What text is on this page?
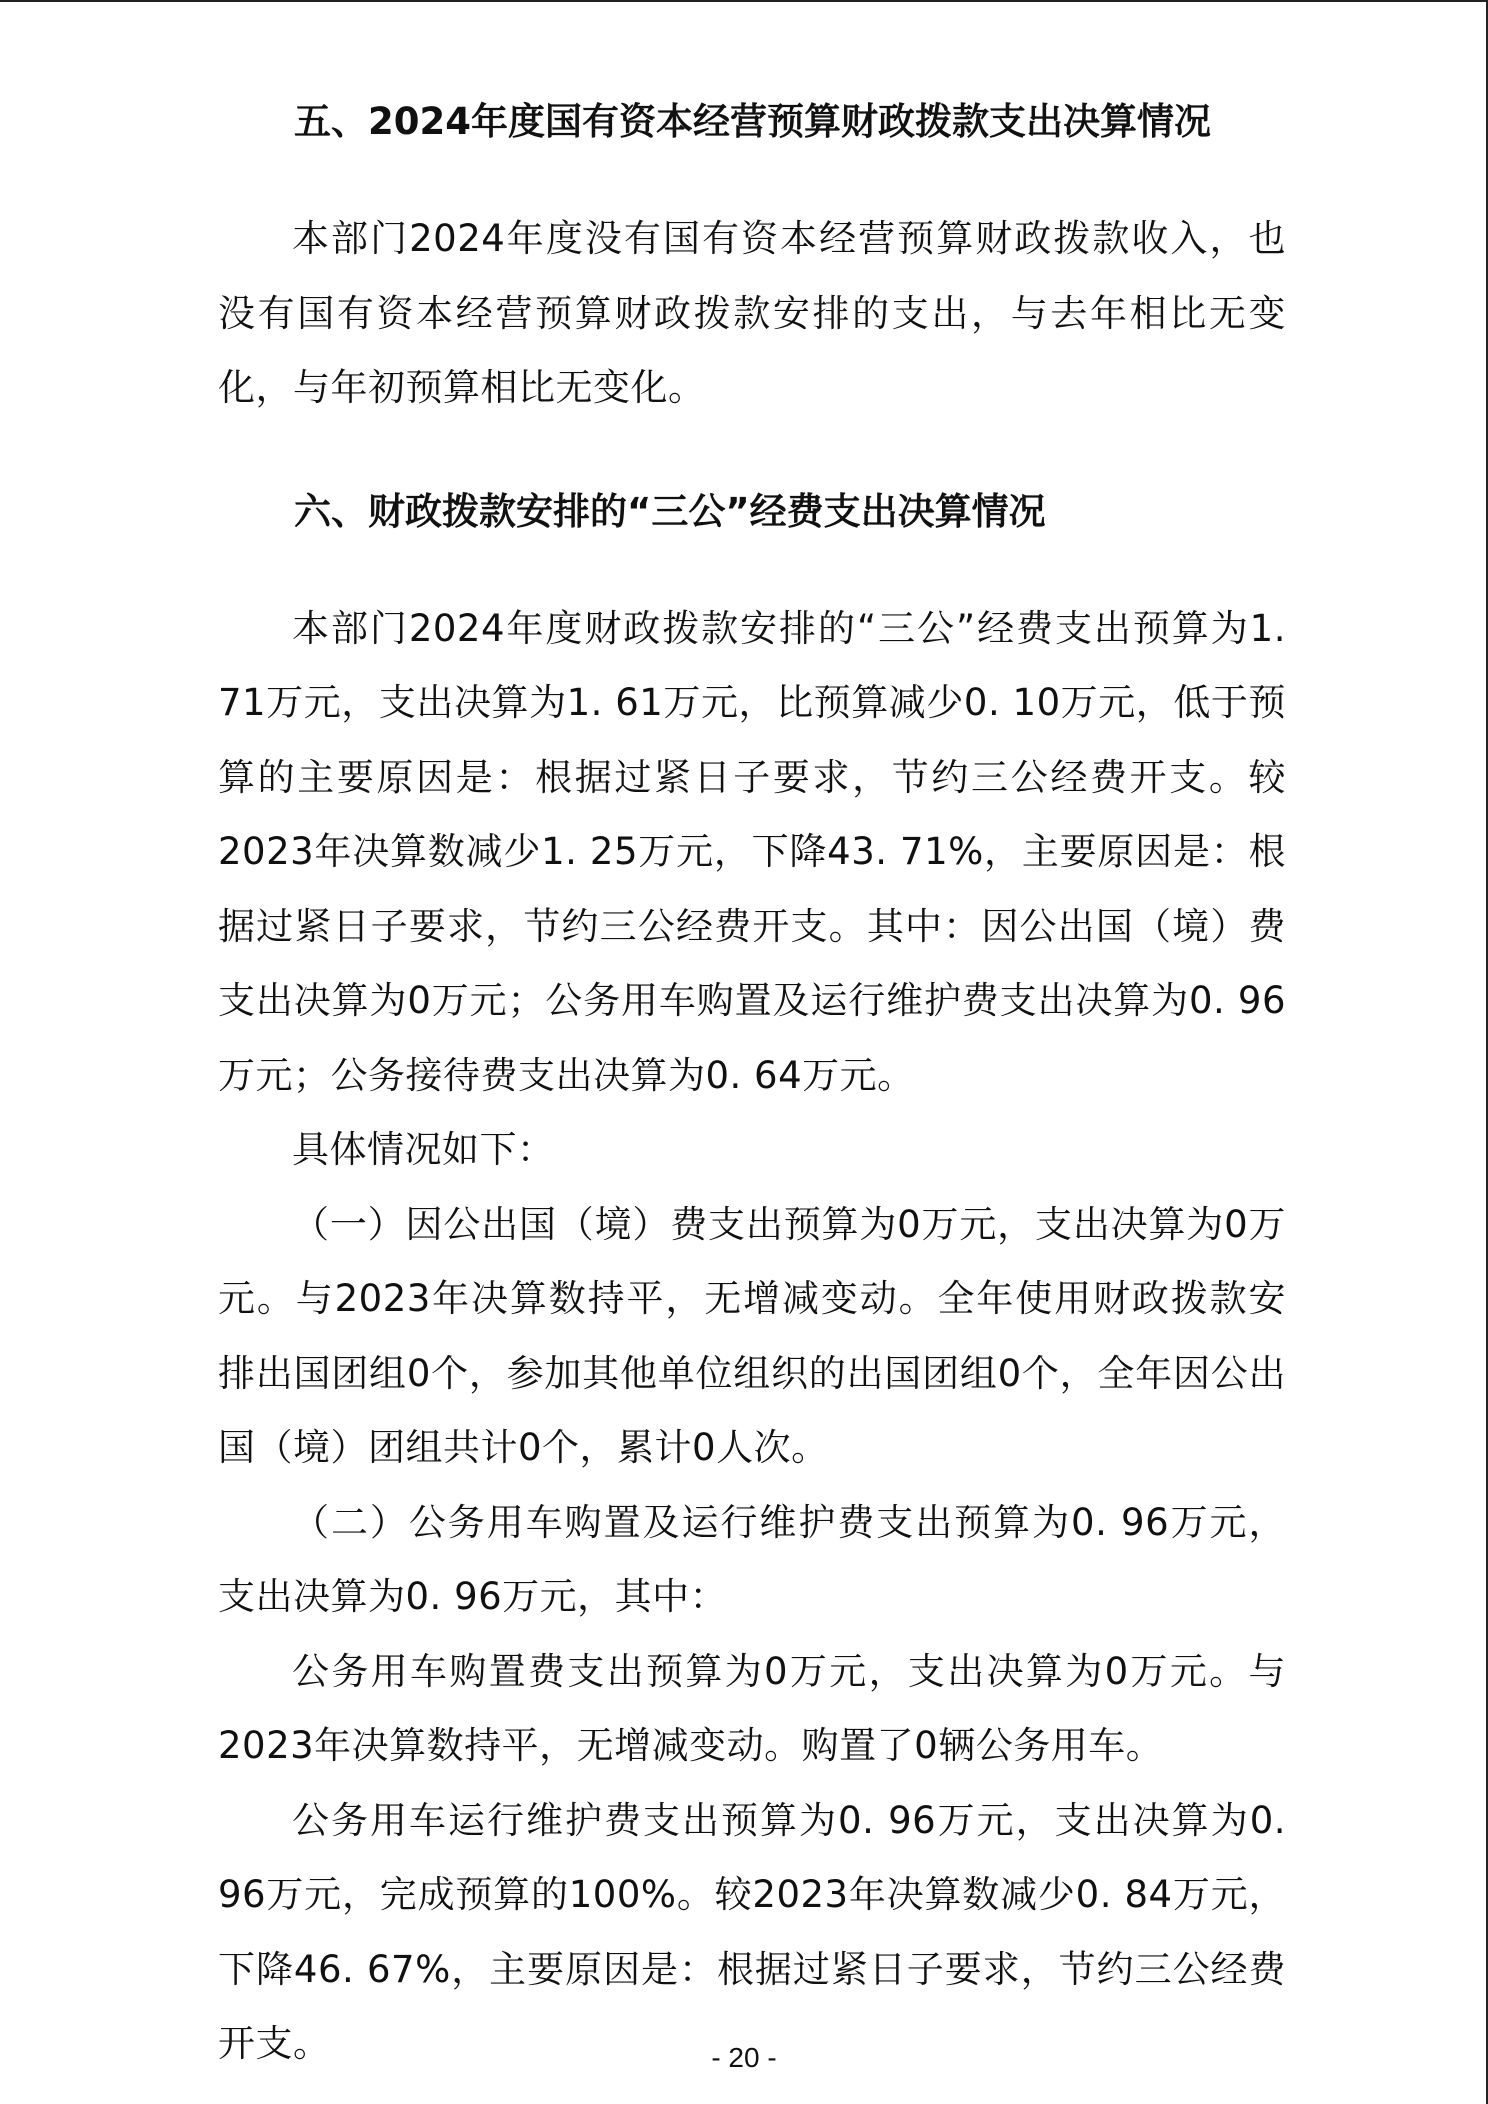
五、2024年度国有资本经营预算财政拨款支出决算情况

本部门2024年度没有国有资本经营预算财政拨款收入，也没有国有资本经营预算财政拨款安排的支出，与去年相比无变化，与年初预算相比无变化。

六、财政拨款安排的“三公”经费支出决算情况

本部门2024年度财政拨款安排的“三公”经费支出预算为1. 71万元，支出决算为1. 61万元，比预算减少0. 10万元，低于预算的主要原因是：根据过紧日子要求，节约三公经费开支。较2023年决算数减少1. 25万元，下降43. 71%，主要原因是：根据过紧日子要求，节约三公经费开支。其中：因公出国（境）费支出决算为0万元；公务用车购置及运行维护费支出决算为0. 96万元；公务接待费支出决算为0. 64万元。

具体情况如下：

（一）因公出国（境）费支出预算为0万元，支出决算为0万元。与2023年决算数持平，无增减变动。全年使用财政拨款安排出国团组0个，参加其他单位组织的出国团组0个，全年因公出国（境）团组共计0个，累计0人次。

（二）公务用车购置及运行维护费支出预算为0. 96万元，支出决算为0. 96万元，其中：

公务用车购置费支出预算为0万元，支出决算为0万元。与2023年决算数持平，无增减变动。购置了0辆公务用车。

公务用车运行维护费支出预算为0. 96万元，支出决算为0. 96万元，完成预算的100%。较2023年决算数减少0. 84万元，下降46. 67%，主要原因是：根据过紧日子要求，节约三公经费开支。	- 20 -
